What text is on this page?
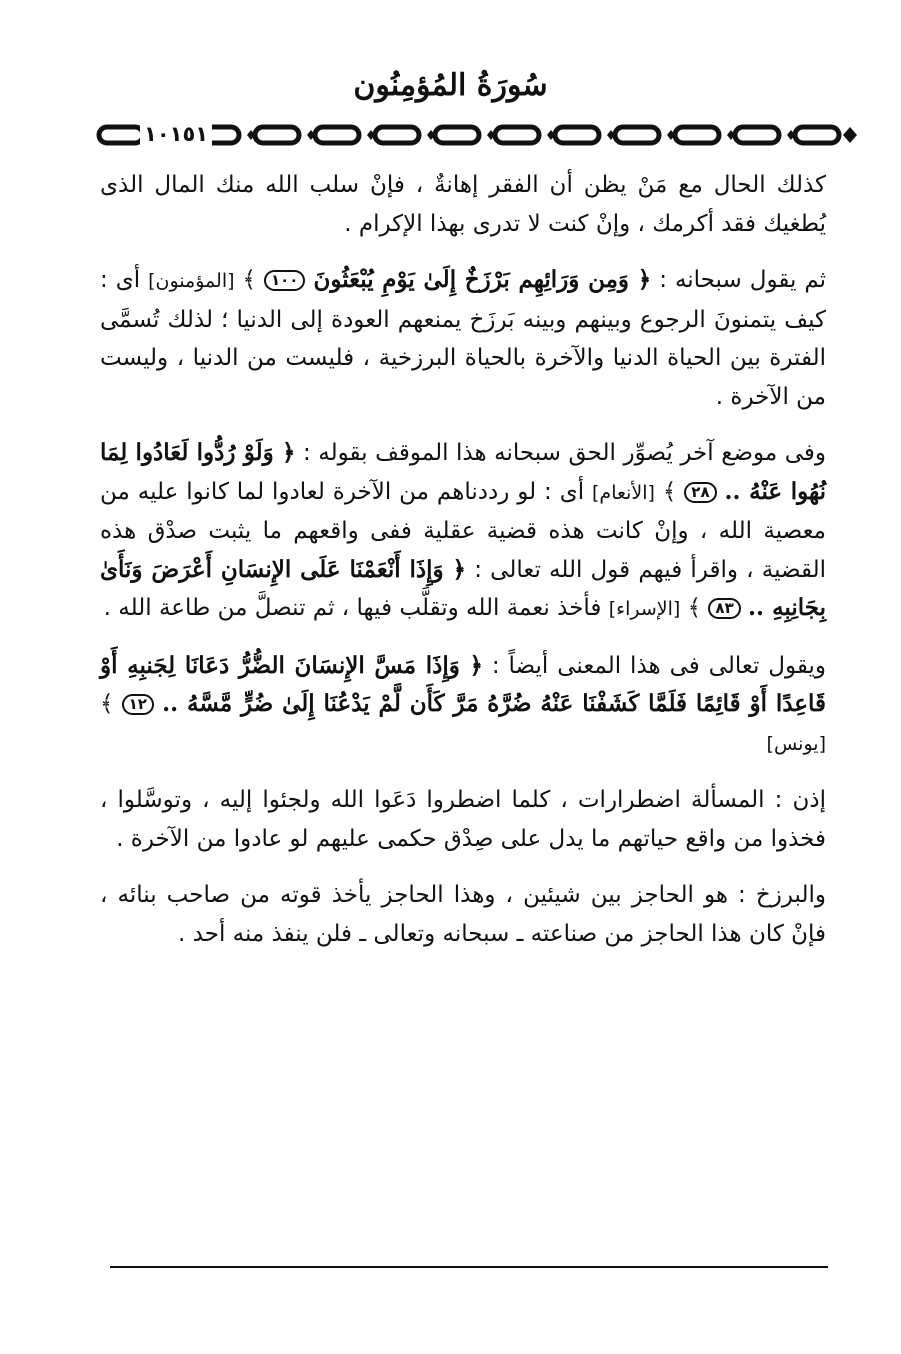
سُورَةُ المُؤمِنُون
١٠١٥١

كذلك الحال مع مَنْ يظن أن الفقر إهانةٌ ، فإنْ سلب الله منك المال الذى يُطغيك فقد أكرمك ، وإنْ كنت لا تدرى بهذا الإكرام .

ثم يقول سبحانه : ﴿ وَمِن وَرَائِهِم بَرْزَخٌ إِلَىٰ يَوْمِ يُبْعَثُونَ ١٠٠ ﴾ [المؤمنون] أى : كيف يتمنونَ الرجوع وبينهم وبينه بَرزَخ يمنعهم العودة إلى الدنيا ؛ لذلك تُسمَّى الفترة بين الحياة الدنيا والآخرة بالحياة البرزخية ، فليست من الدنيا ، وليست من الآخرة .

وفى موضع آخر يُصوِّر الحق سبحانه هذا الموقف بقوله : ﴿ وَلَوْ رُدُّوا لَعَادُوا لِمَا نُهُوا عَنْهُ .. ٢٨ ﴾ [الأنعام] أى : لو رددناهم من الآخرة لعادوا لما كانوا عليه من معصية الله ، وإنْ كانت هذه قضية عقلية ففى واقعهم ما يثبت صدْق هذه القضية ، واقرأ فيهم قول الله تعالى : ﴿ وَإِذَا أَنْعَمْنَا عَلَى الإِنسَانِ أَعْرَضَ وَنَأَىٰ بِجَانِبِهِ .. ٨٣ ﴾ [الإسراء] فأخذ نعمة الله وتقلَّب فيها ، ثم تنصلَّ من طاعة الله .

ويقول تعالى فى هذا المعنى أيضاً : ﴿ وَإِذَا مَسَّ الإِنسَانَ الضُّرُّ دَعَانَا لِجَنبِهِ أَوْ قَاعِدًا أَوْ قَائِمًا فَلَمَّا كَشَفْنَا عَنْهُ ضُرَّهُ مَرَّ كَأَن لَّمْ يَدْعُنَا إِلَىٰ ضُرٍّ مَّسَّهُ .. ١٢ ﴾ [يونس]

إذن : المسألة اضطرارات ، كلما اضطروا دَعَوا الله ولجئوا إليه ، وتوسَّلوا ، فخذوا من واقع حياتهم ما يدل على صِدْق حكمى عليهم لو عادوا من الآخرة .

والبرزخ : هو الحاجز بين شيئين ، وهذا الحاجز يأخذ قوته من صاحب بنائه ، فإنْ كان هذا الحاجز من صناعته ـ سبحانه وتعالى ـ فلن ينفذ منه أحد .
